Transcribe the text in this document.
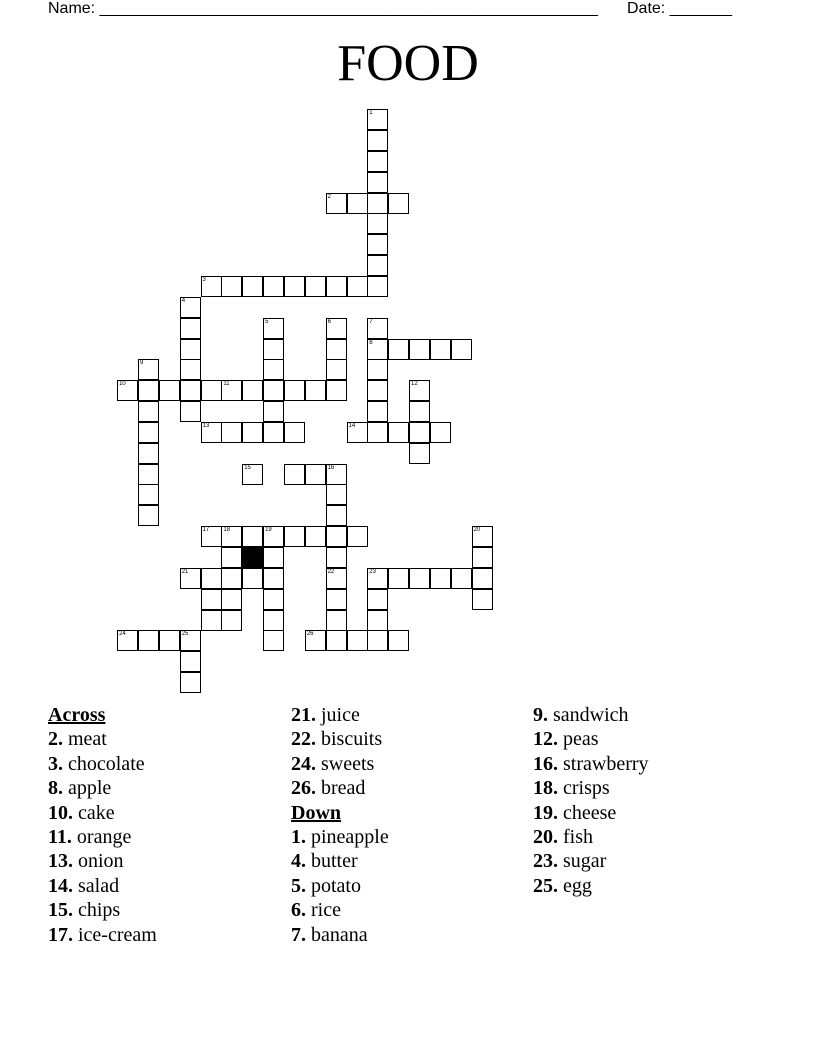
Name: ________________________________________________________ Date: _______
FOOD
1
2
3
4
5	6	7
8
9
10	11	12
13	14
15	16
22
17 18	19	20
21	23
24	25	26
Across
2. meat
3. chocolate
8. apple
10. cake
11. orange
13. onion
14. salad
15. chips
17. ice-cream
21. juice
22. biscuits
24. sweets
26. bread
Down
1. pineapple
4. butter
5. potato
6. rice
7. banana
9. sandwich
12. peas
16. strawberry
18. crisps
19. cheese
20. fish
23. sugar
25. egg
